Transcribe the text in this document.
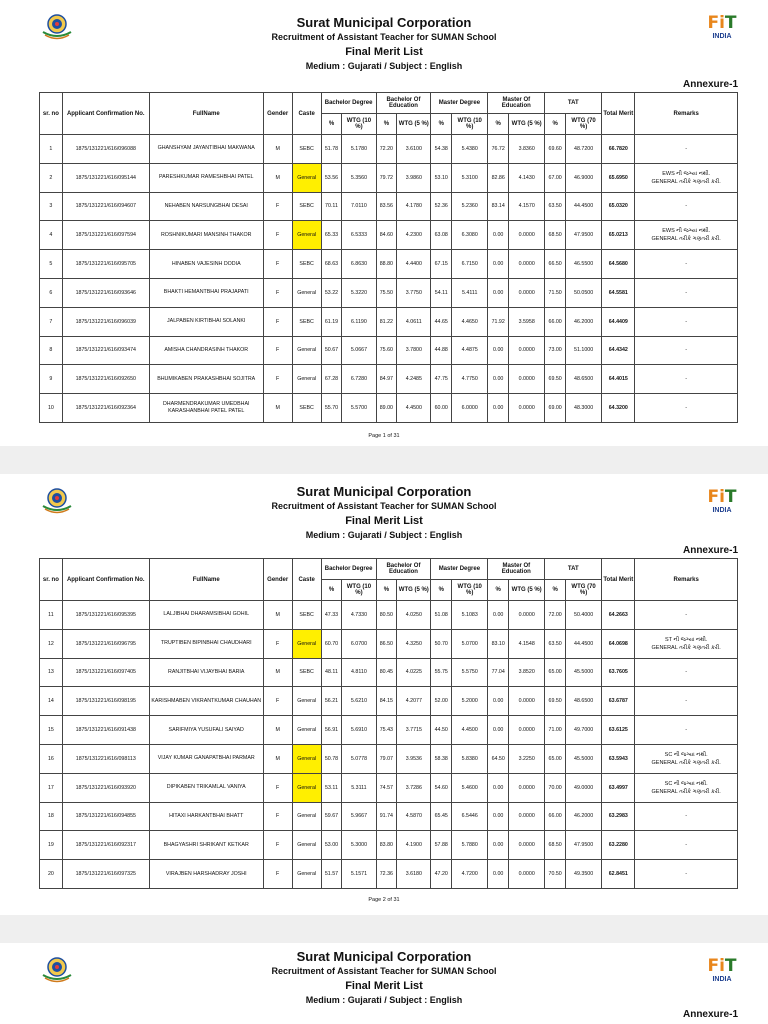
FiT
INDIA
Surat Municipal Corporation
Recruitment of Assistant Teacher for SUMAN School
Final Merit List
Medium : Gujarati / Subject : English
Annexure-1
sr. no	Applicant Confirmation No.	FullName	Gender	Caste	Bachelor Degree		Bachelor Of Education		Master Degree		Master Of Education		TAT		Total Merit	Remarks
					%	WTG (10 %)	%	WTG (5 %)	%	WTG (10 %)	%	WTG (5 %)	%	WTG (70 %)		
1	1875/131221/616/096088	GHANSHYAM JAYANTIBHAI MAKWANA	M	SEBC	51.78	5.1780	72.20	3.6100	54.38	5.4380	76.72	3.8360	69.60	48.7200	66.7820	-

2	1875/131221/616/095144	PARESHKUMAR RAMESHBHAI PATEL	M	General	53.56	5.3560	79.72	3.9860	53.10	5.3100	82.86	4.1430	67.00	46.9000	65.6950	EWS ની જગ્યા નથી.
GENERAL તરીકે ગણતરી કરી.

3	1875/131221/616/094607	NEHABEN NARSUNGBHAI DESAI	F	SEBC	70.11	7.0110	83.56	4.1780	52.36	5.2360	83.14	4.1570	63.50	44.4500	65.0320	-

4	1875/131221/616/097594	ROSHNIKUMARI MANSINH THAKOR	F	General	65.33	6.5333	84.60	4.2300	63.08	6.3080	0.00	0.0000	68.50	47.9500	65.0213	EWS ની જગ્યા નથી.
GENERAL તરીકે ગણતરી કરી.

5	1875/131221/616/095705	HINABEN VAJESINH DODIA	F	SEBC	68.63	6.8630	88.80	4.4400	67.15	6.7150	0.00	0.0000	66.50	46.5500	64.5680	-

6	1875/131221/616/093646	BHAKTI HEMANTBHAI PRAJAPATI	F	General	53.22	5.3220	75.50	3.7750	54.11	5.4111	0.00	0.0000	71.50	50.0500	64.5581	-

7	1875/131221/616/096039	JALPABEN KIRTIBHAI SOLANKI	F	SEBC	61.19	6.1190	81.22	4.0611	44.65	4.4650	71.92	3.5958	66.00	46.2000	64.4409	-

8	1875/131221/616/093474	AMISHA CHANDRASINH THAKOR	F	General	50.67	5.0667	75.60	3.7800	44.88	4.4875	0.00	0.0000	73.00	51.1000	64.4342	-

9	1875/131221/616/092650	BHUMIKABEN PRAKASHBHAI SOJITRA	F	General	67.28	6.7280	84.97	4.2485	47.75	4.7750	0.00	0.0000	69.50	48.6500	64.4015	-

10	1875/131221/616/092364	DHARMENDRAKUMAR UMEDBHAI KARASHANBHAI PATEL PATEL	M	SEBC	55.70	5.5700	89.00	4.4500	60.00	6.0000	0.00	0.0000	69.00	48.3000	64.3200	-
Page 1 of 31
FiT
INDIA
Surat Municipal Corporation
Recruitment of Assistant Teacher for SUMAN School
Final Merit List
Medium : Gujarati / Subject : English
Annexure-1
sr. no	Applicant Confirmation No.	FullName	Gender	Caste	Bachelor Degree		Bachelor Of Education		Master Degree		Master Of Education		TAT		Total Merit	Remarks
					%	WTG (10 %)	%	WTG (5 %)	%	WTG (10 %)	%	WTG (5 %)	%	WTG (70 %)		
11	1875/131221/616/095395	LALJIBHAI DHARAMSIBHAI GOHIL	M	SEBC	47.33	4.7330	80.50	4.0250	51.08	5.1083	0.00	0.0000	72.00	50.4000	64.2663	-

12	1875/131221/616/096795	TRUPTIBEN BIPINBHAI CHAUDHARI	F	General	60.70	6.0700	86.50	4.3250	50.70	5.0700	83.10	4.1548	63.50	44.4500	64.0698	ST ની જગ્યા નથી.
GENERAL તરીકે ગણતરી કરી.

13	1875/131221/616/097405	RANJITBHAI VIJAYBHAI BARIA	M	SEBC	48.11	4.8110	80.45	4.0225	55.75	5.5750	77.04	3.8520	65.00	45.5000	63.7605	-

14	1875/131221/616/098195	KARISHMABEN VIKRANTKUMAR CHAUHAN	F	General	56.21	5.6210	84.15	4.2077	52.00	5.2000	0.00	0.0000	69.50	48.6500	63.6787	-

15	1875/131221/616/091438	SARIFMIYA YUSUFALI SAIYAD	M	General	56.91	5.6910	75.43	3.7715	44.50	4.4500	0.00	0.0000	71.00	49.7000	63.6125	-

16	1875/131221/616/098113	VIJAY KUMAR GANAPATBHAI PARMAR	M	General	50.78	5.0778	79.07	3.9536	58.38	5.8380	64.50	3.2250	65.00	45.5000	63.5943	SC ની જગ્યા નથી.
GENERAL તરીકે ગણતરી કરી.

17	1875/131221/616/093920	DIPIKABEN TRIKAMLAL VANIYA	F	General	53.11	5.3111	74.57	3.7286	54.60	5.4600	0.00	0.0000	70.00	49.0000	63.4997	SC ની જગ્યા નથી.
GENERAL તરીકે ગણતરી કરી.

18	1875/131221/616/094855	HITAXI HARKANTBHAI BHATT	F	General	59.67	5.9667	91.74	4.5870	65.45	6.5446	0.00	0.0000	66.00	46.2000	63.2983	-

19	1875/131221/616/092317	BHAGYASHRI SHRIKANT KETKAR	F	General	53.00	5.3000	83.80	4.1900	57.88	5.7880	0.00	0.0000	68.50	47.9500	63.2280	-

20	1875/131221/616/097325	VIRAJBEN HARSHADRAY JOSHI	F	General	51.57	5.1571	72.36	3.6180	47.20	4.7200	0.00	0.0000	70.50	49.3500	62.8451	-
Page 2 of 31
FiT
INDIA
Surat Municipal Corporation
Recruitment of Assistant Teacher for SUMAN School
Final Merit List
Medium : Gujarati / Subject : English
Annexure-1
